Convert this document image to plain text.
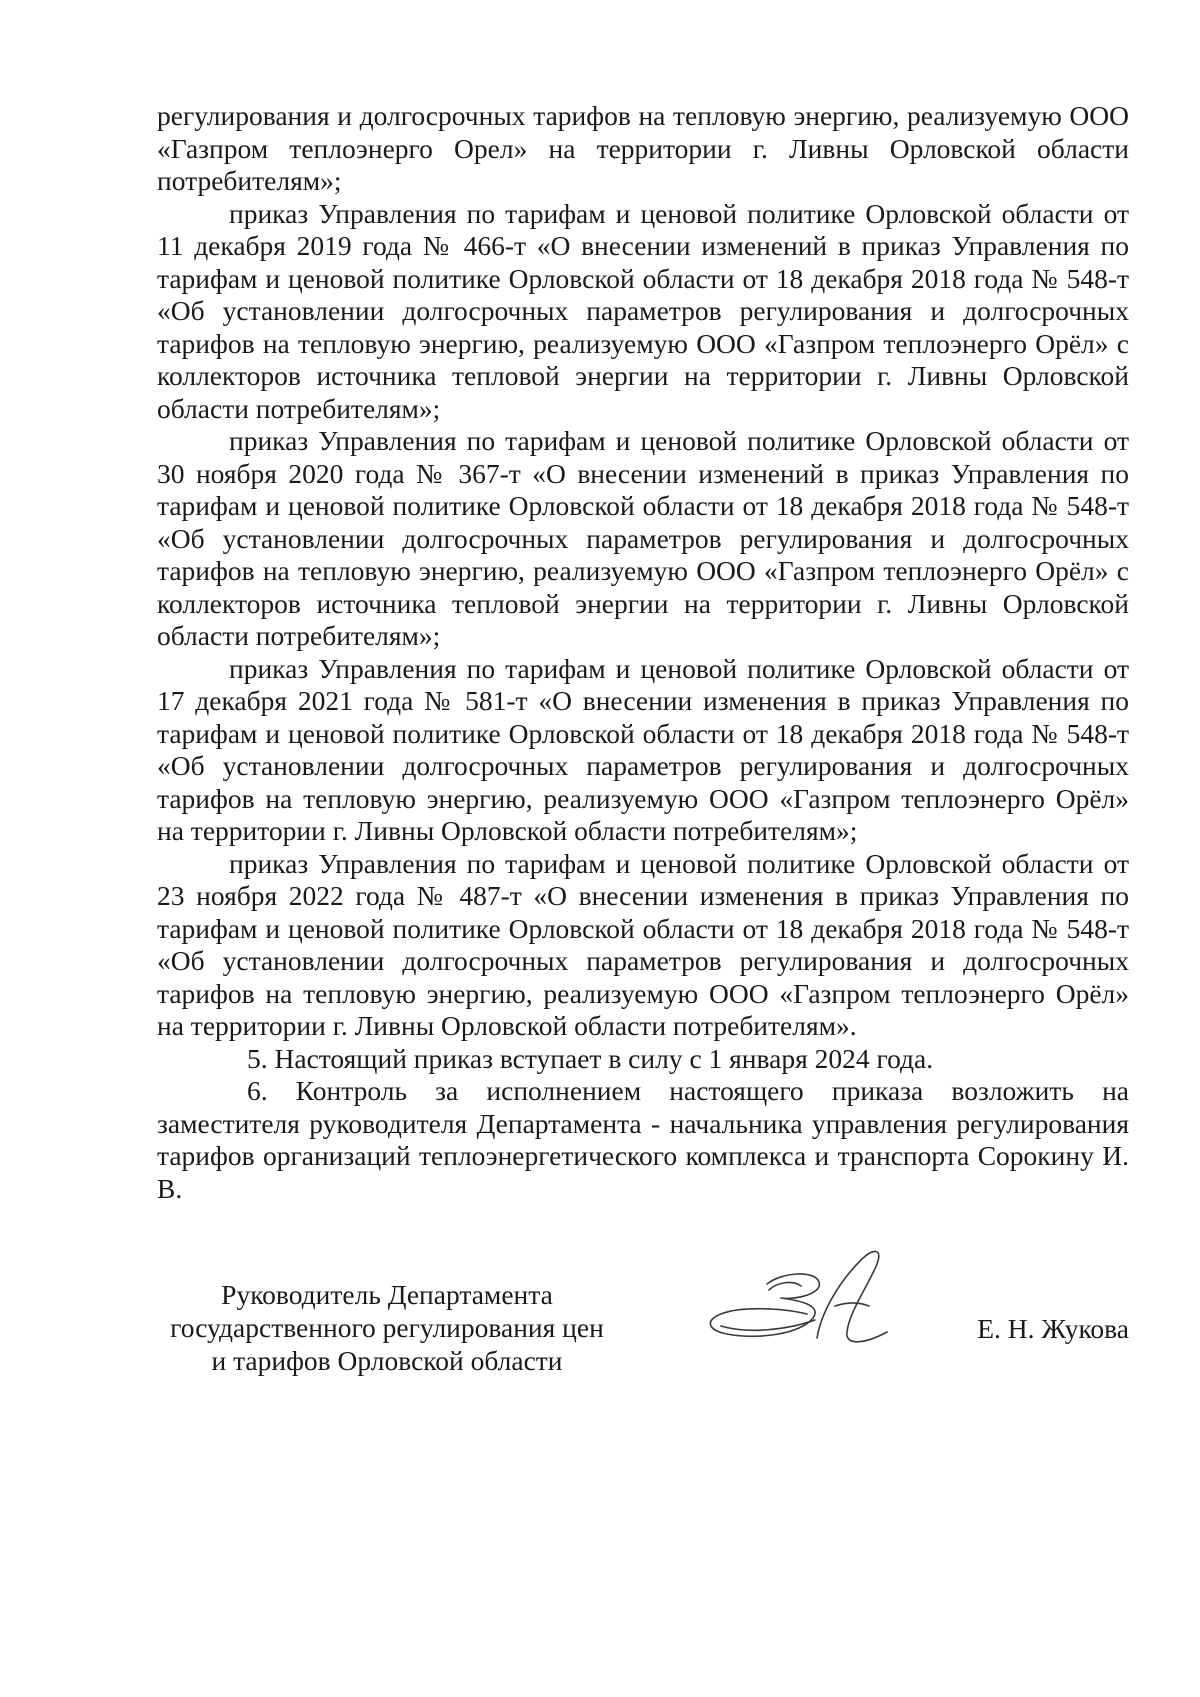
регулирования и долгосрочных тарифов на тепловую энергию, реализуемую ООО «Газпром теплоэнерго Орел» на территории г. Ливны Орловской области потребителям»;

приказ Управления по тарифам и ценовой политике Орловской области от 11 декабря 2019 года № 466-т «О внесении изменений в приказ Управления по тарифам и ценовой политике Орловской области от 18 декабря 2018 года № 548-т «Об установлении долгосрочных параметров регулирования и долгосрочных тарифов на тепловую энергию, реализуемую ООО «Газпром теплоэнерго Орёл» с коллекторов источника тепловой энергии на территории г. Ливны Орловской области потребителям»;

приказ Управления по тарифам и ценовой политике Орловской области от 30 ноября 2020 года № 367-т «О внесении изменений в приказ Управления по тарифам и ценовой политике Орловской области от 18 декабря 2018 года № 548-т «Об установлении долгосрочных параметров регулирования и долгосрочных тарифов на тепловую энергию, реализуемую ООО «Газпром теплоэнерго Орёл» с коллекторов источника тепловой энергии на территории г. Ливны Орловской области потребителям»;

приказ Управления по тарифам и ценовой политике Орловской области от 17 декабря 2021 года № 581-т «О внесении изменения в приказ Управления по тарифам и ценовой политике Орловской области от 18 декабря 2018 года № 548-т «Об установлении долгосрочных параметров регулирования и долгосрочных тарифов на тепловую энергию, реализуемую ООО «Газпром теплоэнерго Орёл» на территории г. Ливны Орловской области потребителям»;

приказ Управления по тарифам и ценовой политике Орловской области от 23 ноября 2022 года № 487-т «О внесении изменения в приказ Управления по тарифам и ценовой политике Орловской области от 18 декабря 2018 года № 548-т «Об установлении долгосрочных параметров регулирования и долгосрочных тарифов на тепловую энергию, реализуемую ООО «Газпром теплоэнерго Орёл» на территории г. Ливны Орловской области потребителям».

5. Настоящий приказ вступает в силу с 1 января 2024 года.

6. Контроль за исполнением настоящего приказа возложить на заместителя руководителя Департамента - начальника управления регулирования тарифов организаций теплоэнергетического комплекса и транспорта Сорокину И. В.

Руководитель Департамента
государственного регулирования цен
и тарифов Орловской области
Е. Н. Жукова
